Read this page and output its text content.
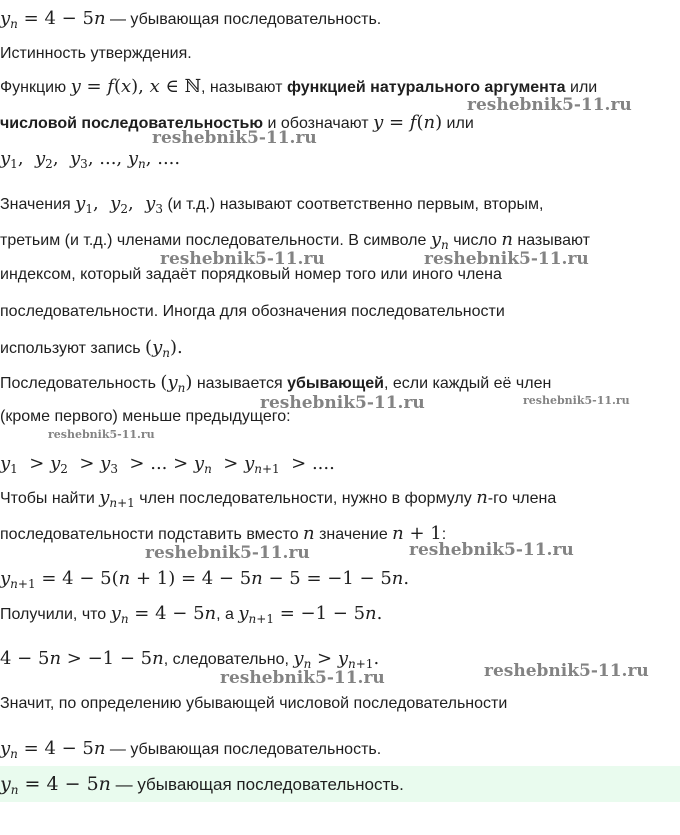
$y_n = 4 - 5n$ — убывающая последовательность.
Истинность утверждения.
Функцию y = f(x), x ∈ ℕ, называют функцией натурального аргумента или
числовой последовательностью и обозначают y = f(n) или
$y_1$,  $y_2$,  $y_3$, ..., $y_n$, ....
Значения $y_1$,  $y_2$,  $y_3$ (и т.д.) называют соответственно первым, вторым,
третьим (и т.д.) членами последовательности. В символе $y_n$ число n называют
индексом, который задаёт порядковый номер того или иного члена
последовательности. Иногда для обозначения последовательности
используют запись $(y_n)$.
Последовательность $(y_n)$ называется убывающей, если каждый её член
(кроме первого) меньше предыдущего:
$y_1 > y_2 > y_3$ > ... > $y_n > y_{n+1}$ > ....
Чтобы найти $y_{n+1}$ член последовательности, нужно в формулу n-го члена
последовательности подставить вместо n значение n + 1:
$y_{n+1} = 4 - 5(n + 1) = 4 - 5n - 5 = -1 - 5n$.
Получили, что $y_n = 4 - 5n$, а $y_{n+1} = -1 - 5n$.
4 − 5n > −1 − 5n, следовательно, $y_n > y_{n+1}$.
Значит, по определению убывающей числовой последовательности
$y_n = 4 - 5n$ — убывающая последовательность.
$y_n = 4 - 5n$ — убывающая последовательность.
reshebnik5-11.ru
reshebnik5-11.ru
reshebnik5-11.ru	reshebnik5-11.ru
reshebnik5-11.ru	reshebnik5-11.ru
reshebnik5-11.ru
reshebnik5-11.ru	reshebnik5-11.ru
reshebnik5-11.ru
reshebnik5-11.ru
